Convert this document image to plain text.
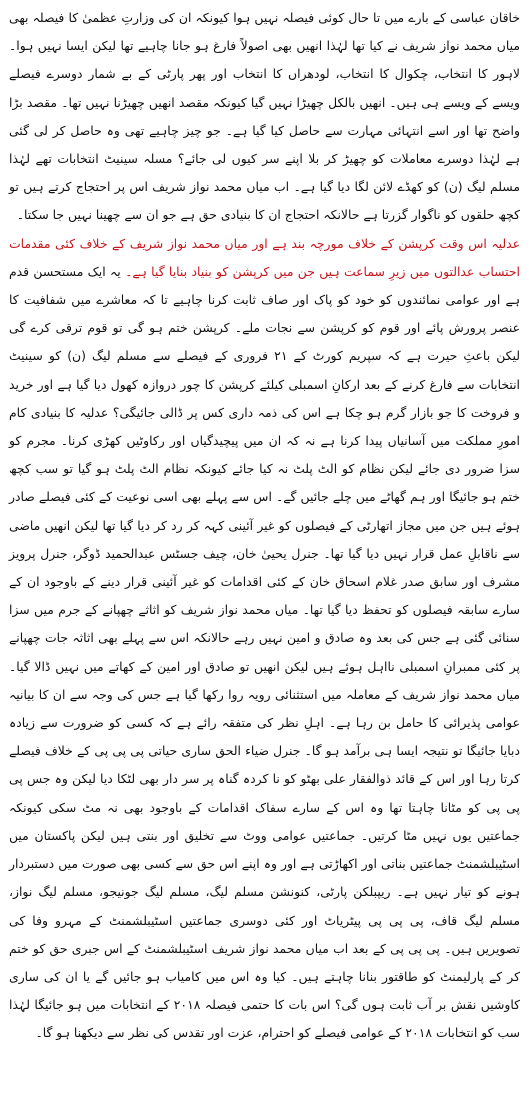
خاقان عباسی کے بارے میں تا حال کوئی فیصلہ نہیں ہوا کیونکہ ان کی وزارتِ عظمیٰ کا فیصلہ بھی میاں محمد نواز شریف نے کیا تھا لہٰذا انھیں بھی اصولاً فارغ ہو جانا چاہیے تھا لیکن ایسا نہیں ہوا۔ لاہور کا انتخاب، چکوال کا انتخاب، لودھراں کا انتخاب اور پھر پارٹی کے بے شمار دوسرے فیصلے ویسے کے ویسے ہی ہیں۔ انھیں بالکل چھیڑا نہیں گیا کیونکہ مقصد انھیں چھیڑنا نہیں تھا۔ مقصد بڑا واضح تھا اور اسے انتہائی مہارت سے حاصل کیا گیا ہے۔ جو چیز چاہیے تھی وہ حاصل کر لی گئی ہے لہٰذا دوسرے معاملات کو چھیڑ کر بلا اپنے سر کیوں لی جائے؟ مسلہ سینیٹ انتخابات تھے لہٰذا مسلم لیگ (ن) کو کھڈے لائن لگا دیا گیا ہے۔ اب میاں محمد نواز شریف اس پر احتجاج کرتے ہیں تو کچھ حلقوں کو ناگوار گزرتا ہے حالانکہ احتجاج ان کا بنیادی حق ہے جو ان سے چھینا نہیں جا سکتا۔

عدلیہ اس وقت کرپشن کے خلاف مورچہ بند ہے اور میاں محمد نواز شریف کے خلاف کئی مقدمات احتساب عدالتوں میں زیرِ سماعت ہیں جن میں کرپشن کو بنیاد بنایا گیا ہے۔ یہ ایک مستحسن قدم ہے اور عوامی نمائندوں کو خود کو پاک اور صاف ثابت کرنا چاہیے تا کہ معاشرے میں شفافیت کا عنصر پرورش پائے اور قوم کو کرپشن سے نجات ملے۔ کرپشن ختم ہو گی تو قوم ترقی کرے گی لیکن باعثِ حیرت ہے کہ سپریم کورٹ کے ۲۱ فروری کے فیصلے سے مسلم لیگ (ن) کو سینیٹ انتخابات سے فارغ کرنے کے بعد ارکانِ اسمبلی کیلئے کرپشن کا چور دروازہ کھول دیا گیا ہے اور خرید و فروخت کا جو بازار گرم ہو چکا ہے اس کی ذمہ داری کس پر ڈالی جائیگی؟ عدلیہ کا بنیادی کام امورِ مملکت میں آسانیاں پیدا کرنا ہے نہ کہ ان میں پیچیدگیاں اور رکاوٹیں کھڑی کرنا۔ مجرم کو سزا ضرور دی جائے لیکن نظام کو الٹ پلٹ نہ کیا جائے کیونکہ نظام الٹ پلٹ ہو گیا تو سب کچھ ختم ہو جائیگا اور ہم گھاٹے میں چلے جائیں گے۔ اس سے پہلے بھی اسی نوعیت کے کئی فیصلے صادر ہوئے ہیں جن میں مجاز اتھارٹی کے فیصلوں کو غیر آئینی کہہ کر رد کر دیا گیا تھا لیکن انھیں ماضی سے ناقابلِ عمل قرار نہیں دیا گیا تھا۔ جنرل یحییٰ خان، چیف جسٹس عبدالحمید ڈوگر، جنرل پرویز مشرف اور سابق صدر غلام اسحاق خان کے کئی اقدامات کو غیر آئینی قرار دینے کے باوجود ان کے سارے سابقہ فیصلوں کو تحفظ دیا گیا تھا۔ میاں محمد نواز شریف کو اثاثے چھپانے کے جرم میں سزا سنائی گئی ہے جس کی بعد وہ صادق و امین نہیں رہے حالانکہ اس سے پہلے بھی اثاثہ جات چھپانے پر کئی ممبرانِ اسمبلی نااہل ہوئے ہیں لیکن انھیں تو صادق اور امین کے کھاتے میں نہیں ڈالا گیا۔ میاں محمد نواز شریف کے معاملہ میں استثنائی رویہ روا رکھا گیا ہے جس کی وجہ سے ان کا بیانیہ عوامی پذیرائی کا حامل بن رہا ہے۔ اہلِ نظر کی متفقہ رائے ہے کہ کسی کو ضرورت سے زیادہ دبایا جائیگا تو نتیجہ ایسا ہی برآمد ہو گا۔ جنرل ضیاء الحق ساری حیاتی پی پی پی کے خلاف فیصلے کرتا رہا اور اس کے قائد ذوالفقار علی بھٹو کو نا کردہ گناہ پر سر دار بھی لٹکا دیا لیکن وہ جس پی پی پی کو مٹانا چاہتا تھا وہ اس کے سارے سفاک اقدامات کے باوجود بھی نہ مٹ سکی کیونکہ جماعتیں یوں نہیں مٹا کرتیں۔ جماعتیں عوامی ووٹ سے تخلیق اور بنتی ہیں لیکن پاکستان میں اسٹیبلشمنٹ جماعتیں بناتی اور اکھاڑتی ہے اور وہ اپنے اس حق سے کسی بھی صورت میں دستبردار ہونے کو تیار نہیں ہے۔ ریپبلکن پارٹی، کنونشن مسلم لیگ، مسلم لیگ جونیجو، مسلم لیگ نواز، مسلم لیگ قاف، پی پی پی پیٹریاٹ اور کئی دوسری جماعتیں اسٹیبلشمنٹ کے مہرو وفا کی تصویریں ہیں۔ پی پی پی کے بعد اب میاں محمد نواز شریف اسٹیبلشمنٹ کے اس جبری حق کو ختم کر کے پارلیمنٹ کو طاقتور بنانا چاہتے ہیں۔ کیا وہ اس میں کامیاب ہو جائیں گے یا ان کی ساری کاوشیں نقش بر آب ثابت ہوں گی؟ اس بات کا حتمی فیصلہ ۲۰۱۸ کے انتخابات میں ہو جائیگا لہٰذا سب کو انتخابات ۲۰۱۸ کے عوامی فیصلے کو احترام، عزت اور تقدس کی نظر سے دیکھنا ہو گا۔
